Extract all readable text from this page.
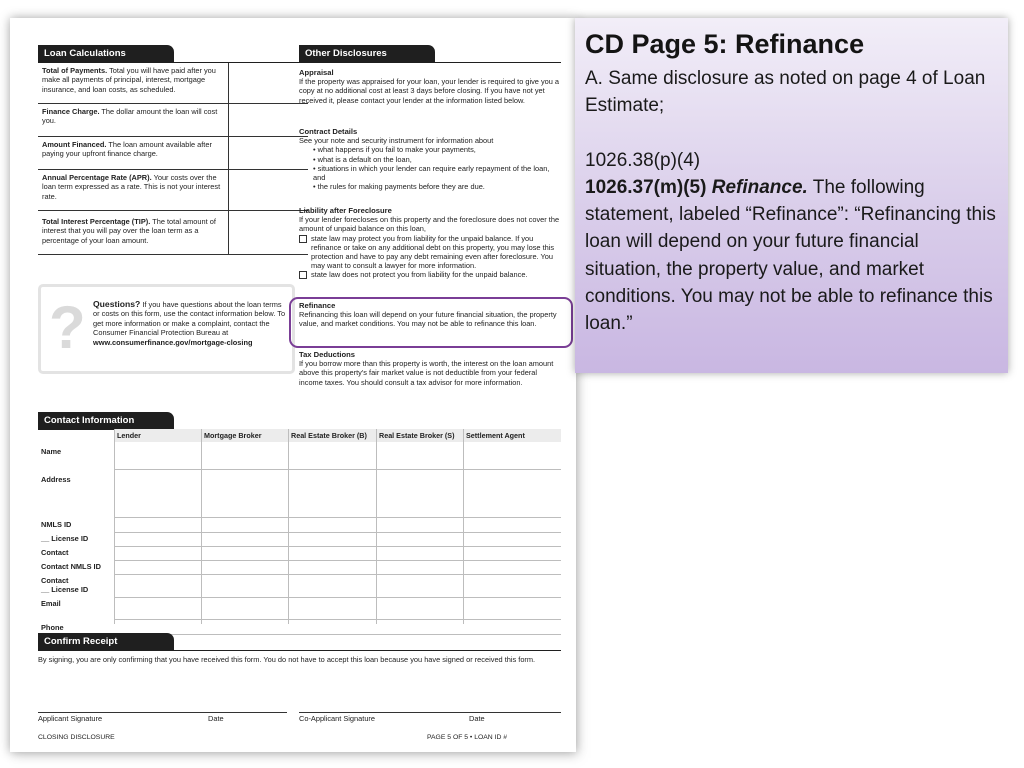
Loan Calculations
Total of Payments. Total you will have paid after you make all payments of principal, interest, mortgage insurance, and loan costs, as scheduled.
Finance Charge. The dollar amount the loan will cost you.
Amount Financed. The loan amount available after paying your upfront finance charge.
Annual Percentage Rate (APR). Your costs over the loan term expressed as a rate. This is not your interest rate.
Total Interest Percentage (TIP). The total amount of interest that you will pay over the loan term as a percentage of your loan amount.
? Questions? If you have questions about the loan terms or costs on this form, use the contact information below. To get more information or make a complaint, contact the Consumer Financial Protection Bureau at
www.consumerfinance.gov/mortgage-closing
Other Disclosures
Appraisal
If the property was appraised for your loan, your lender is required to give you a copy at no additional cost at least 3 days before closing. If you have not yet received it, please contact your lender at the information listed below.
Contract Details
See your note and security instrument for information about
• what happens if you fail to make your payments,
• what is a default on the loan,
• situations in which your lender can require early repayment of the loan, and
• the rules for making payments before they are due.
Liability after Foreclosure
If your lender forecloses on this property and the foreclosure does not cover the amount of unpaid balance on this loan,
state law may protect you from liability for the unpaid balance. If you refinance or take on any additional debt on this property, you may lose this protection and have to pay any debt remaining even after foreclosure. You may want to consult a lawyer for more information.
state law does not protect you from liability for the unpaid balance.
Refinance
Refinancing this loan will depend on your future financial situation, the property value, and market conditions. You may not be able to refinance this loan.
Tax Deductions
If you borrow more than this property is worth, the interest on the loan amount above this property's fair market value is not deductible from your federal income taxes. You should consult a tax advisor for more information.
Contact Information
Lender	Mortgage Broker	Real Estate Broker (B)	Real Estate Broker (S)	Settlement Agent
Name
Address
NMLS ID
__ License ID
Contact
Contact NMLS ID
Contact
__ License ID
Email
Phone
Confirm Receipt
By signing, you are only confirming that you have received this form. You do not have to accept this loan because you have signed or received this form.
Applicant Signature	Date	Co-Applicant Signature	Date
CLOSING DISCLOSURE	PAGE 5 OF 5 • LOAN ID #
CD Page 5: Refinance
A. Same disclosure as noted on page 4 of Loan Estimate;
1026.38(p)(4)
1026.37(m)(5) Refinance. The following statement, labeled “Refinance”: “Refinancing this loan will depend on your future financial situation, the property value, and market conditions. You may not be able to refinance this loan.”
